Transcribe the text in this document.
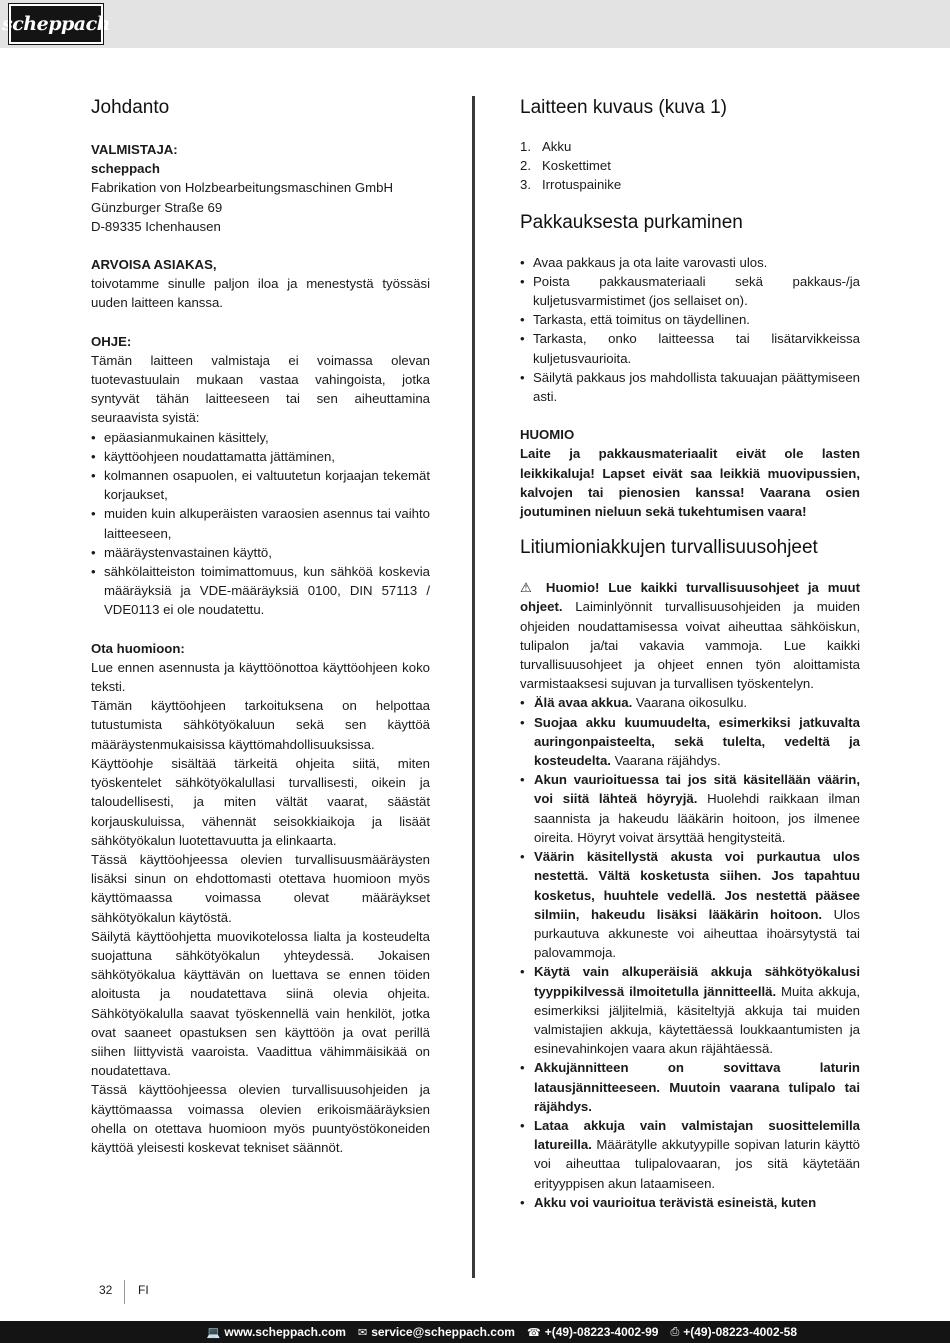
scheppach
Johdanto

VALMISTAJA:

scheppach

Fabrikation von Holzbearbeitungsmaschinen GmbH

Günzburger Straße 69

D-89335 Ichenhausen

ARVOISA ASIAKAS,

toivotamme sinulle paljon iloa ja menestystä työssäsi uuden laitteen kanssa.

OHJE:

Tämän laitteen valmistaja ei voimassa olevan tuotevastuulain mukaan vastaa vahingoista, jotka syntyvät tähän laitteeseen tai sen aiheuttamina seuraavista syistä:

• epäasianmukainen käsittely,
• käyttöohjeen noudattamatta jättäminen,
• kolmannen osapuolen, ei valtuutetun korjaajan tekemät korjaukset,
• muiden kuin alkuperäisten varaosien asennus tai vaihto laitteeseen,
• määräystenvastainen käyttö,
• sähkölaitteiston toimimattomuus, kun sähköä koskevia määräyksiä ja VDE-määräyksiä 0100, DIN 57113 / VDE0113 ei ole noudatettu.

Ota huomioon:

Lue ennen asennusta ja käyttöönottoa käyttöohjeen koko teksti.

Tämän käyttöohjeen tarkoituksena on helpottaa tutustumista sähkötyökaluun sekä sen käyttöä määräystenmukaisissa käyttömahdollisuuksissa.

Käyttöohje sisältää tärkeitä ohjeita siitä, miten työskentelet sähkötyökalullasi turvallisesti, oikein ja taloudellisesti, ja miten vältät vaarat, säästät korjauskuluissa, vähennät seisokkiaikoja ja lisäät sähkötyökalun luotettavuutta ja elinkaarta.

Tässä käyttöohjeessa olevien turvallisuusmääräysten lisäksi sinun on ehdottomasti otettava huomioon myös käyttömaassa voimassa olevat määräykset sähkötyökalun käytöstä.

Säilytä käyttöohjetta muovikotelossa lialta ja kosteudelta suojattuna sähkötyökalun yhteydessä. Jokaisen sähkötyökalua käyttävän on luettava se ennen töiden aloitusta ja noudatettava siinä olevia ohjeita. Sähkötyökalulla saavat työskennellä vain henkilöt, jotka ovat saaneet opastuksen sen käyttöön ja ovat perillä siihen liittyvistä vaaroista. Vaadittua vähimmäisikää on noudatettava.

Tässä käyttöohjeessa olevien turvallisuusohjeiden ja käyttömaassa voimassa olevien erikoismääräyksien ohella on otettava huomioon myös puuntyöstökoneiden käyttöä yleisesti koskevat tekniset säännöt.

Laitteen kuvaus (kuva 1)
1. Akku
2. Koskettimet
3. Irrotuspainike
Pakkauksesta purkaminen
• Avaa pakkaus ja ota laite varovasti ulos.
• Poista pakkausmateriaali sekä pakkaus-/ja kuljetusvarmistimet (jos sellaiset on).
• Tarkasta, että toimitus on täydellinen.
• Tarkasta, onko laitteessa tai lisätarvikkeissa kuljetusvaurioita.
• Säilytä pakkaus jos mahdollista takuuajan päättymiseen asti.

HUOMIO

Laite ja pakkausmateriaalit eivät ole lasten leikkikaluja! Lapset eivät saa leikkiä muovipussien, kalvojen tai pienosien kanssa! Vaarana osien joutuminen nieluun sekä tukehtumisen vaara!

Litiumioniakkujen turvallisuusohjeet

⚠ Huomio! Lue kaikki turvallisuusohjeet ja muut ohjeet. Laiminlyönnit turvallisuusohjeiden ja muiden ohjeiden noudattamisessa voivat aiheuttaa sähköiskun, tulipalon ja/tai vakavia vammoja. Lue kaikki turvallisuusohjeet ja ohjeet ennen työn aloittamista varmistaaksesi sujuvan ja turvallisen työskentelyn.

• Älä avaa akkua. Vaarana oikosulku.
• Suojaa akku kuumuudelta, esimerkiksi jatkuvalta auringonpaisteelta, sekä tulelta, vedeltä ja kosteudelta. Vaarana räjähdys.
• Akun vaurioituessa tai jos sitä käsitellään väärin, voi siitä lähteä höyryjä. Huolehdi raikkaan ilman saannista ja hakeudu lääkärin hoitoon, jos ilmenee oireita. Höyryt voivat ärsyttää hengitysteitä.
• Väärin käsitellystä akusta voi purkautua ulos nestettä. Vältä kosketusta siihen. Jos tapahtuu kosketus, huuhtele vedellä. Jos nestettä pääsee silmiin, hakeudu lisäksi lääkärin hoitoon. Ulos purkautuva akkuneste voi aiheuttaa ihoärsytystä tai palovammoja.
• Käytä vain alkuperäisiä akkuja sähkötyökalusi tyyppikilvessä ilmoitetulla jännitteellä. Muita akkuja, esimerkiksi jäljitelmiä, käsiteltyjä akkuja tai muiden valmistajien akkuja, käytettäessä loukkaantumisten ja esinevahinkojen vaara akun räjähtäessä.
• Akkujännitteen on sovittava laturin latausjännitteeseen. Muutoin vaarana tulipalo tai räjähdys.
• Lataa akkuja vain valmistajan suosittelemilla latureilla. Määrätylle akkutyypille sopivan laturin käyttö voi aiheuttaa tulipalovaaran, jos sitä käytetään erityyppisen akun lataamiseen.
• Akku voi vaurioitua terävistä esineistä, kuten
32 FI
💻 www.scheppach.com ✉ service@scheppach.com ☎ +(49)-08223-4002-99 ⎙ +(49)-08223-4002-58
